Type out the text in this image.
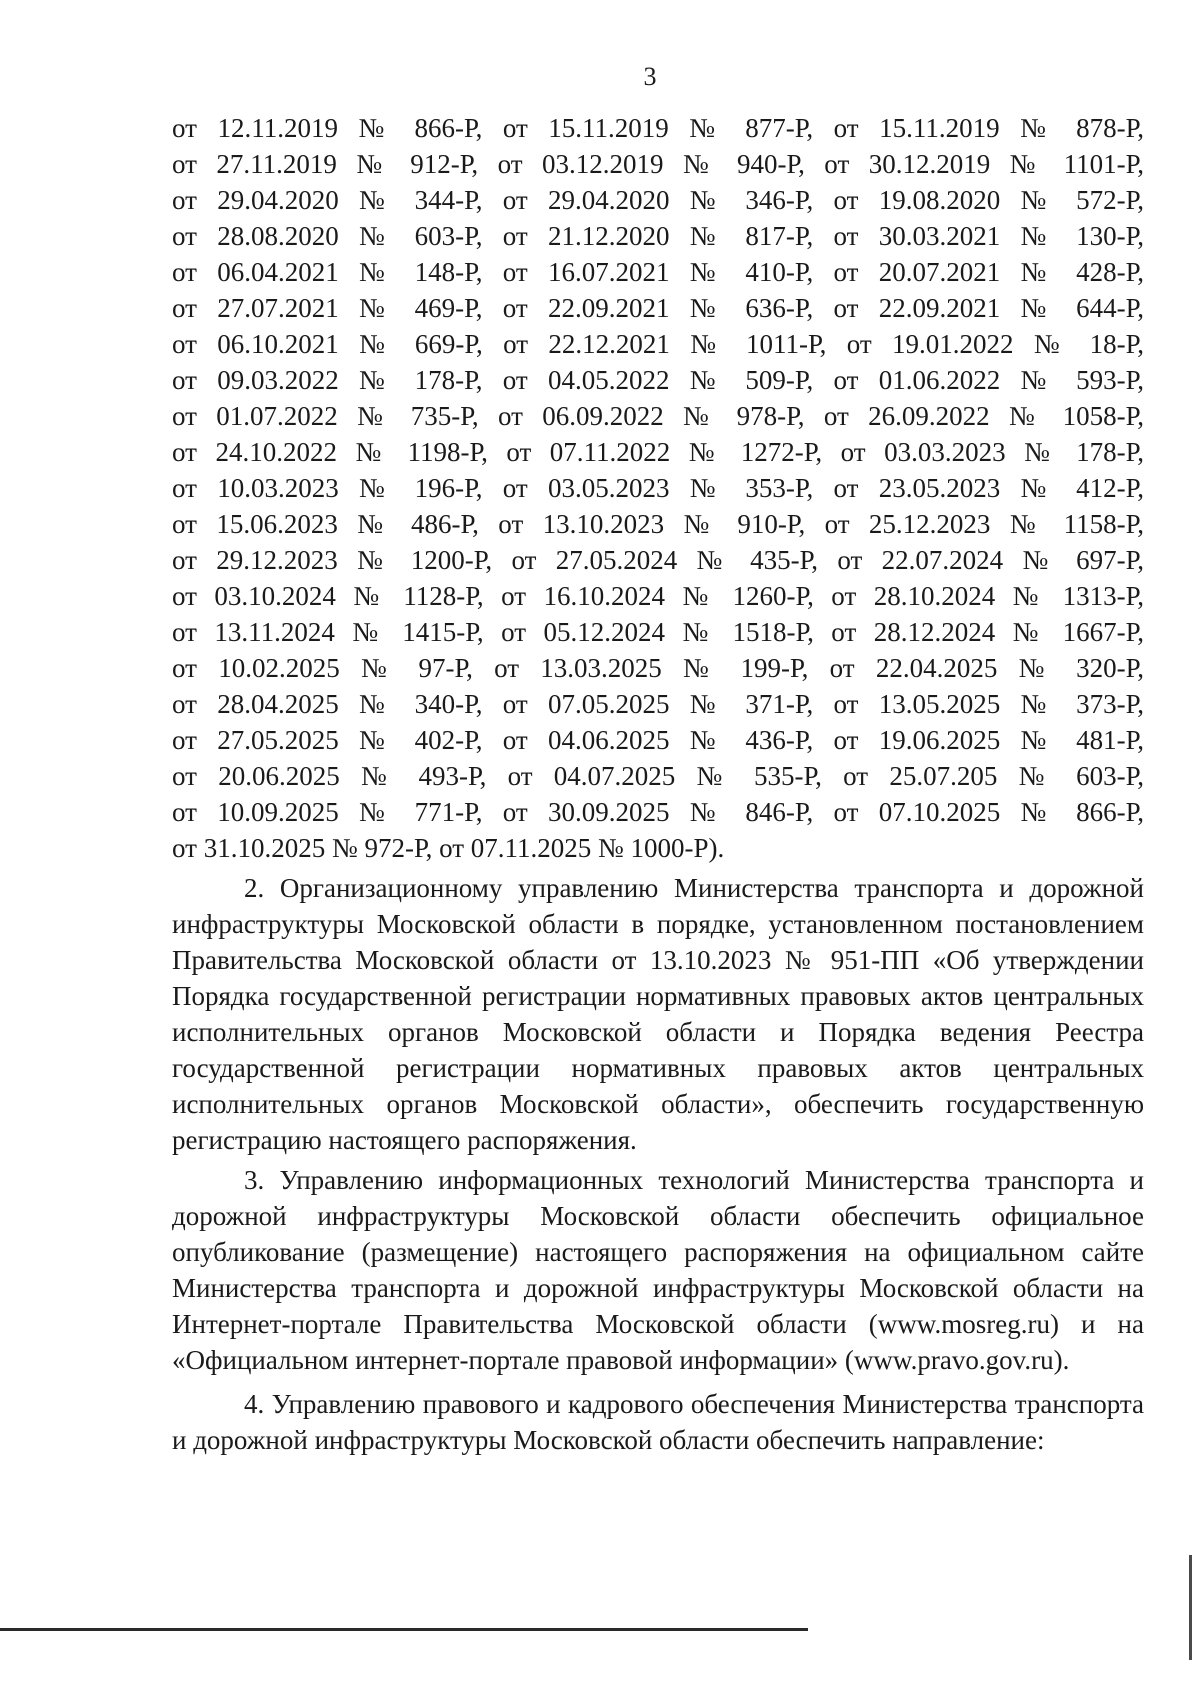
3
от 12.11.2019 № 866-Р, от 15.11.2019 № 877-Р, от 15.11.2019 № 878-Р,
от 27.11.2019 № 912-Р, от 03.12.2019 № 940-Р, от 30.12.2019 № 1101-Р,
от 29.04.2020 № 344-Р, от 29.04.2020 № 346-Р, от 19.08.2020 № 572-Р,
от 28.08.2020 № 603-Р, от 21.12.2020 № 817-Р, от 30.03.2021 № 130-Р,
от 06.04.2021 № 148-Р, от 16.07.2021 № 410-Р, от 20.07.2021 № 428-Р,
от 27.07.2021 № 469-Р, от 22.09.2021 № 636-Р, от 22.09.2021 № 644-Р,
от 06.10.2021 № 669-Р, от 22.12.2021 № 1011-Р, от 19.01.2022 № 18-Р,
от 09.03.2022 № 178-Р, от 04.05.2022 № 509-Р, от 01.06.2022 № 593-Р,
от 01.07.2022 № 735-Р, от 06.09.2022 № 978-Р, от 26.09.2022 № 1058-Р,
от 24.10.2022 № 1198-Р, от 07.11.2022 № 1272-Р, от 03.03.2023 № 178-Р,
от 10.03.2023 № 196-Р, от 03.05.2023 № 353-Р, от 23.05.2023 № 412-Р,
от 15.06.2023 № 486-Р, от 13.10.2023 № 910-Р, от 25.12.2023 № 1158-Р,
от 29.12.2023 № 1200-Р, от 27.05.2024 № 435-Р, от 22.07.2024 № 697-Р,
от 03.10.2024 № 1128-Р, от 16.10.2024 № 1260-Р, от 28.10.2024 № 1313-Р,
от 13.11.2024 № 1415-Р, от 05.12.2024 № 1518-Р, от 28.12.2024 № 1667-Р,
от 10.02.2025 № 97-Р, от 13.03.2025 № 199-Р, от 22.04.2025 № 320-Р,
от 28.04.2025 № 340-Р, от 07.05.2025 № 371-Р, от 13.05.2025 № 373-Р,
от 27.05.2025 № 402-Р, от 04.06.2025 № 436-Р, от 19.06.2025 № 481-Р,
от 20.06.2025 № 493-Р, от 04.07.2025 № 535-Р, от 25.07.205 № 603-Р,
от 10.09.2025 № 771-Р, от 30.09.2025 № 846-Р, от 07.10.2025 № 866-Р,
от 31.10.2025 № 972-Р, от 07.11.2025 № 1000-Р).

2. Организационному управлению Министерства транспорта и дорожной инфраструктуры Московской области в порядке, установленном постановлением Правительства Московской области от 13.10.2023 № 951-ПП «Об утверждении Порядка государственной регистрации нормативных правовых актов центральных исполнительных органов Московской области и Порядка ведения Реестра государственной регистрации нормативных правовых актов центральных исполнительных органов Московской области», обеспечить государственную регистрацию настоящего распоряжения.

3. Управлению информационных технологий Министерства транспорта и дорожной инфраструктуры Московской области обеспечить официальное опубликование (размещение) настоящего распоряжения на официальном сайте Министерства транспорта и дорожной инфраструктуры Московской области на Интернет-портале Правительства Московской области (www.mosreg.ru) и на «Официальном интернет-портале правовой информации» (www.pravo.gov.ru).

4. Управлению правового и кадрового обеспечения Министерства транспорта и дорожной инфраструктуры Московской области обеспечить направление:
